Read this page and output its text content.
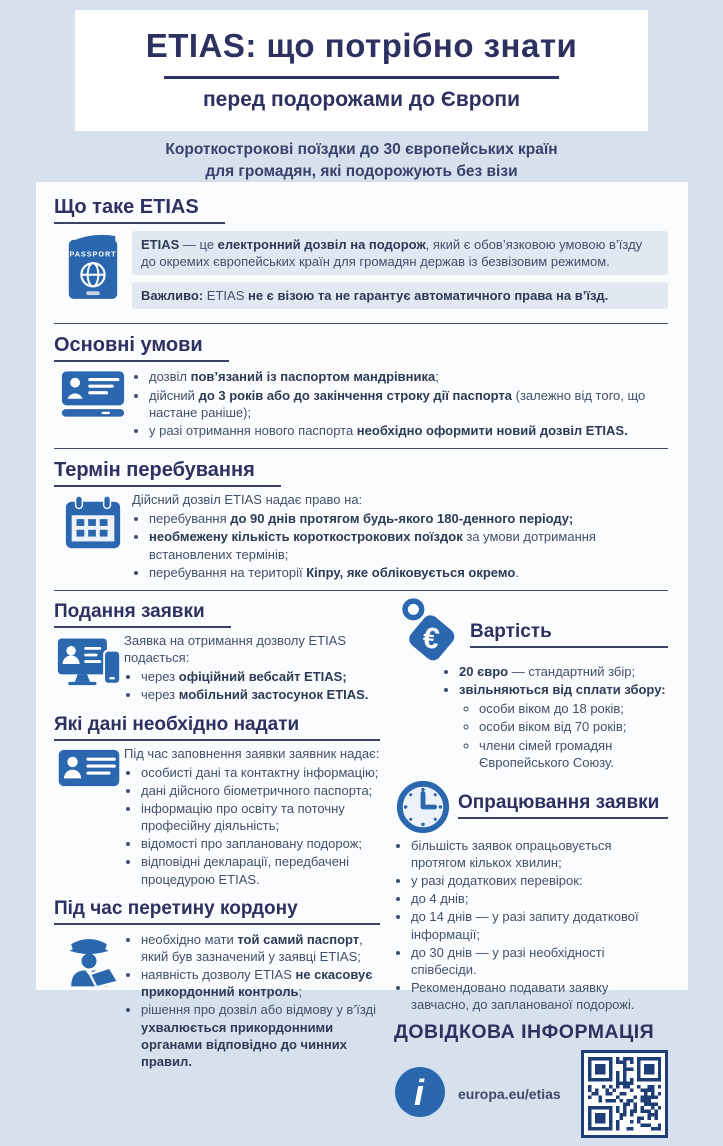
ETIAS: що потрібно знати
перед подорожами до Європи
Короткострокові поїздки до 30 європейських країн
для громадян, які подорожують без візи
Що таке ETIAS
PASSPORT

ETIAS — це електронний дозвіл на подорож, який є обов’язковою умовою в’їзду до окремих європейських країн для громадян держав із безвізовим режимом.

Важливо: ETIAS не є візою та не гарантує автоматичного права на в’їзд.

Основні умови
• дозвіл пов’язаний із паспортом мандрівника;
• дійсний до 3 років або до закінчення строку дії паспорта (залежно від того, що настане раніше);
• у разі отримання нового паспорта необхідно оформити новий дозвіл ETIAS.
Термін перебування
Дійсний дозвіл ETIAS надає право на:
• перебування до 90 днів протягом будь-якого 180-денного періоду;
• необмежену кількість короткострокових поїздок за умови дотримання встановлених термінів;
• перебування на території Кіпру, яке обліковується окремо.
Подання заявки
Заявка на отримання дозволу ETIAS подається:
• через офіційний вебсайт ETIAS;
• через мобільний застосунок ETIAS.
Які дані необхідно надати
Під час заповнення заявки заявник надає:
• особисті дані та контактну інформацію;
• дані дійсного біометричного паспорта;
• інформацію про освіту та поточну професійну діяльність;
• відомості про заплановану подорож;
• відповідні декларації, передбачені процедурою ETIAS.
Під час перетину кордону
• необхідно мати той самий паспорт, який був зазначений у заявці ETIAS;
• наявність дозволу ETIAS не скасовує прикордонний контроль;
• рішення про дозвіл або відмову у в’їзді ухвалюється прикордонними органами відповідно до чинних правил.
€ Вартість
• 20 євро — стандартний збір;
• звільняються від сплати збору:
◦ особи віком до 18 років;
◦ особи віком від 70 років;
◦ члени сімей громадян Європейського Союзу.
Опрацювання заявки
• більшість заявок опрацьовується протягом кількох хвилин;
• у разі додаткових перевірок:
• до 4 днів;
• до 14 днів — у разі запиту додаткової інформації;
• до 30 днів — у разі необхідності співбесіди.
• Рекомендовано подавати заявку завчасно, до запланованої подорожі.
ДОВІДКОВА ІНФОРМАЦІЯ
i europa.eu/etias
